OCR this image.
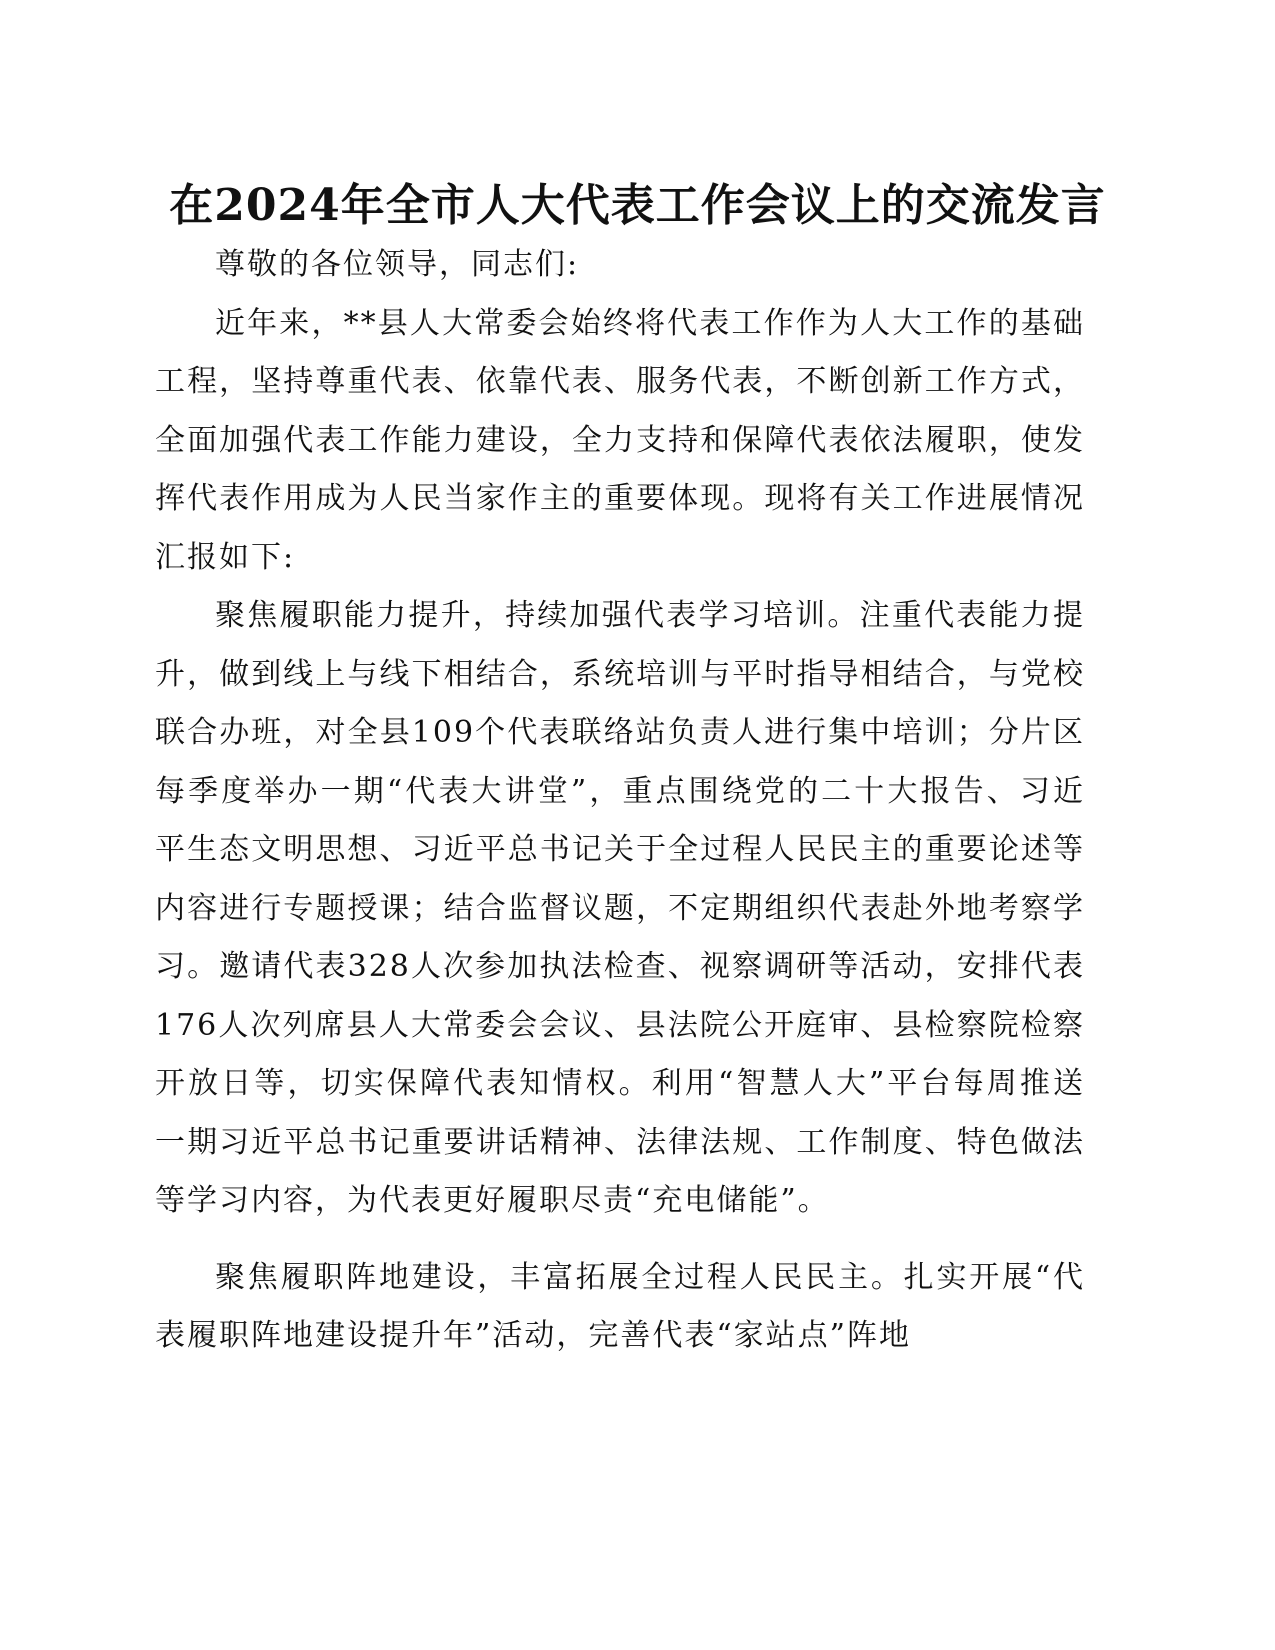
在2024年全市人大代表工作会议上的交流发言

尊敬的各位领导，同志们:

近年来，**县人大常委会始终将代表工作作为人大工作的基础工程，坚持尊重代表、依靠代表、服务代表，不断创新工作方式，全面加强代表工作能力建设，全力支持和保障代表依法履职，使发挥代表作用成为人民当家作主的重要体现。现将有关工作进展情况汇报如下:

聚焦履职能力提升，持续加强代表学习培训。注重代表能力提升，做到线上与线下相结合，系统培训与平时指导相结合，与党校联合办班，对全县109个代表联络站负责人进行集中培训；分片区每季度举办一期“代表大讲堂”，重点围绕党的二十大报告、习近平生态文明思想、习近平总书记关于全过程人民民主的重要论述等内容进行专题授课；结合监督议题，不定期组织代表赴外地考察学习。邀请代表328人次参加执法检查、视察调研等活动，安排代表176人次列席县人大常委会会议、县法院公开庭审、县检察院检察开放日等，切实保障代表知情权。利用“智慧人大”平台每周推送一期习近平总书记重要讲话精神、法律法规、工作制度、特色做法等学习内容，为代表更好履职尽责“充电储能”。

聚焦履职阵地建设，丰富拓展全过程人民民主。扎实开展“代表履职阵地建设提升年”活动，完善代表“家站点”阵地
